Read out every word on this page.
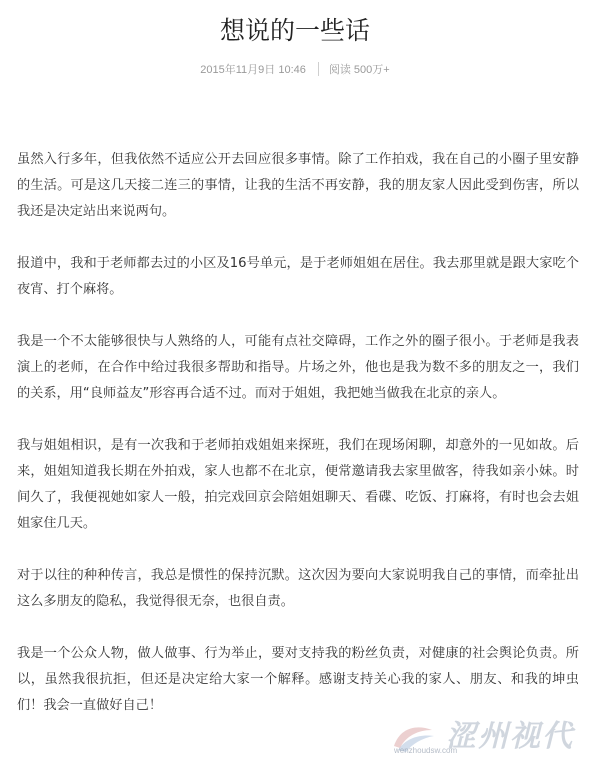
想说的一些话
2015年11月9日 10:46 阅读 500万+

虽然入行多年，但我依然不适应公开去回应很多事情。除了工作拍戏，我在自己的小圈子里安静的生活。可是这几天接二连三的事情，让我的生活不再安静，我的朋友家人因此受到伤害，所以我还是决定站出来说两句。

报道中，我和于老师都去过的小区及16号单元，是于老师姐姐在居住。我去那里就是跟大家吃个夜宵、打个麻将。

我是一个不太能够很快与人熟络的人，可能有点社交障碍，工作之外的圈子很小。于老师是我表演上的老师，在合作中给过我很多帮助和指导。片场之外，他也是我为数不多的朋友之一，我们的关系，用“良师益友”形容再合适不过。而对于姐姐，我把她当做我在北京的亲人。

我与姐姐相识，是有一次我和于老师拍戏姐姐来探班，我们在现场闲聊，却意外的一见如故。后来，姐姐知道我长期在外拍戏，家人也都不在北京，便常邀请我去家里做客，待我如亲小妹。时间久了，我便视她如家人一般，拍完戏回京会陪姐姐聊天、看碟、吃饭、打麻将，有时也会去姐姐家住几天。

对于以往的种种传言，我总是惯性的保持沉默。这次因为要向大家说明我自己的事情，而牵扯出这么多朋友的隐私，我觉得很无奈，也很自责。

我是一个公众人物，做人做事、行为举止，要对支持我的粉丝负责，对健康的社会舆论负责。所以，虽然我很抗拒，但还是决定给大家一个解释。感谢支持关心我的家人、朋友、和我的坤虫们！我会一直做好自己！

涩州视代
wenzhoudsw.com
